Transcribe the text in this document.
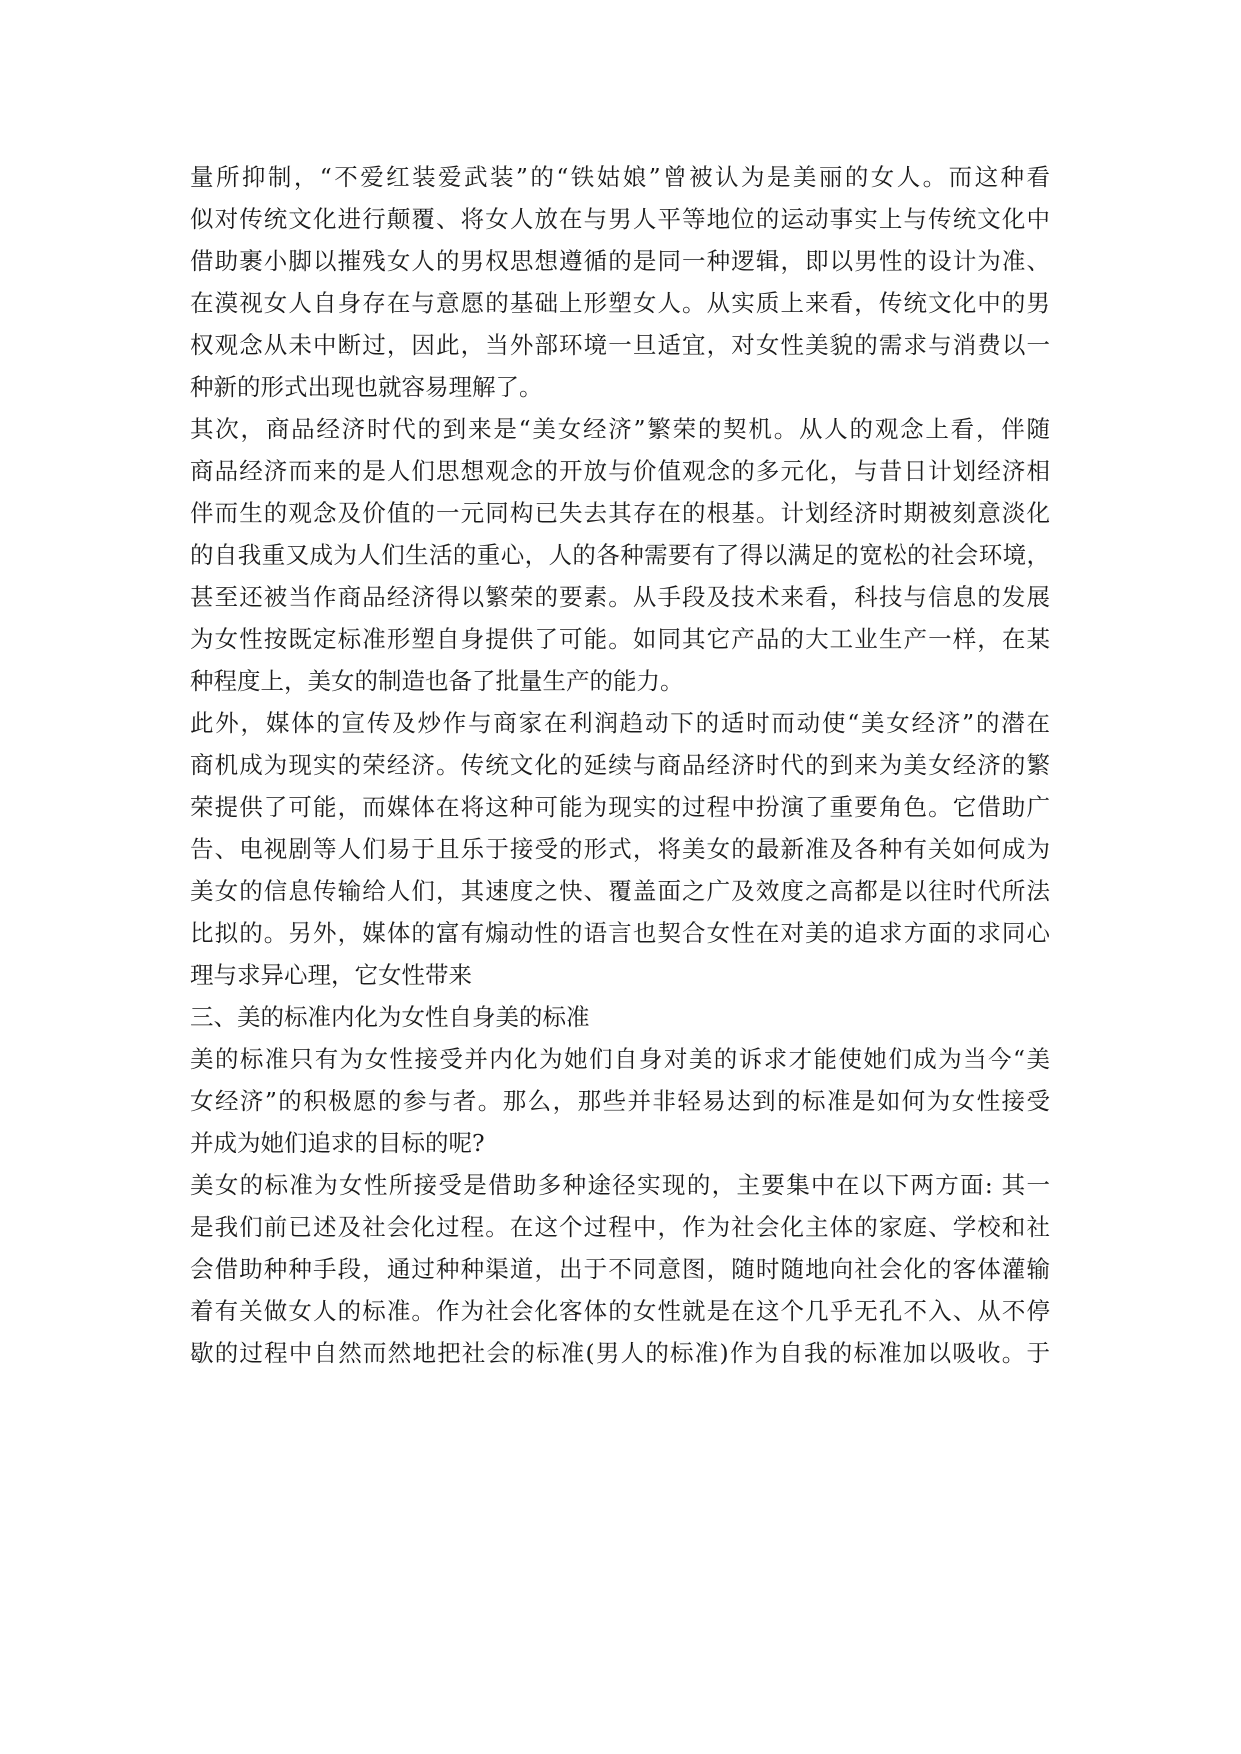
量所抑制，“不爱红装爱武装”的“铁姑娘”曾被认为是美丽的女人。而这种看
似对传统文化进行颠覆、将女人放在与男人平等地位的运动事实上与传统文化中
借助裹小脚以摧残女人的男权思想遵循的是同一种逻辑，即以男性的设计为准、
在漠视女人自身存在与意愿的基础上形塑女人。从实质上来看，传统文化中的男
权观念从未中断过，因此，当外部环境一旦适宜，对女性美貌的需求与消费以一
种新的形式出现也就容易理解了。
其次，商品经济时代的到来是“美女经济”繁荣的契机。从人的观念上看，伴随
商品经济而来的是人们思想观念的开放与价值观念的多元化，与昔日计划经济相
伴而生的观念及价值的一元同构已失去其存在的根基。计划经济时期被刻意淡化
的自我重又成为人们生活的重心，人的各种需要有了得以满足的宽松的社会环境，
甚至还被当作商品经济得以繁荣的要素。从手段及技术来看，科技与信息的发展
为女性按既定标准形塑自身提供了可能。如同其它产品的大工业生产一样，在某
种程度上，美女的制造也备了批量生产的能力。
此外，媒体的宣传及炒作与商家在利润趋动下的适时而动使“美女经济”的潜在
商机成为现实的荣经济。传统文化的延续与商品经济时代的到来为美女经济的繁
荣提供了可能，而媒体在将这种可能为现实的过程中扮演了重要角色。它借助广
告、电视剧等人们易于且乐于接受的形式，将美女的最新准及各种有关如何成为
美女的信息传输给人们，其速度之快、覆盖面之广及效度之高都是以往时代所法
比拟的。另外，媒体的富有煽动性的语言也契合女性在对美的追求方面的求同心
理与求异心理，它女性带来
三、美的标准内化为女性自身美的标准
美的标准只有为女性接受并内化为她们自身对美的诉求才能使她们成为当今“美
女经济”的积极愿的参与者。那么，那些并非轻易达到的标准是如何为女性接受
并成为她们追求的目标的呢?
美女的标准为女性所接受是借助多种途径实现的，主要集中在以下两方面: 其一
是我们前已述及社会化过程。在这个过程中，作为社会化主体的家庭、学校和社
会借助种种手段，通过种种渠道，出于不同意图，随时随地向社会化的客体灌输
着有关做女人的标准。作为社会化客体的女性就是在这个几乎无孔不入、从不停
歇的过程中自然而然地把社会的标准(男人的标准)作为自我的标准加以吸收。于
